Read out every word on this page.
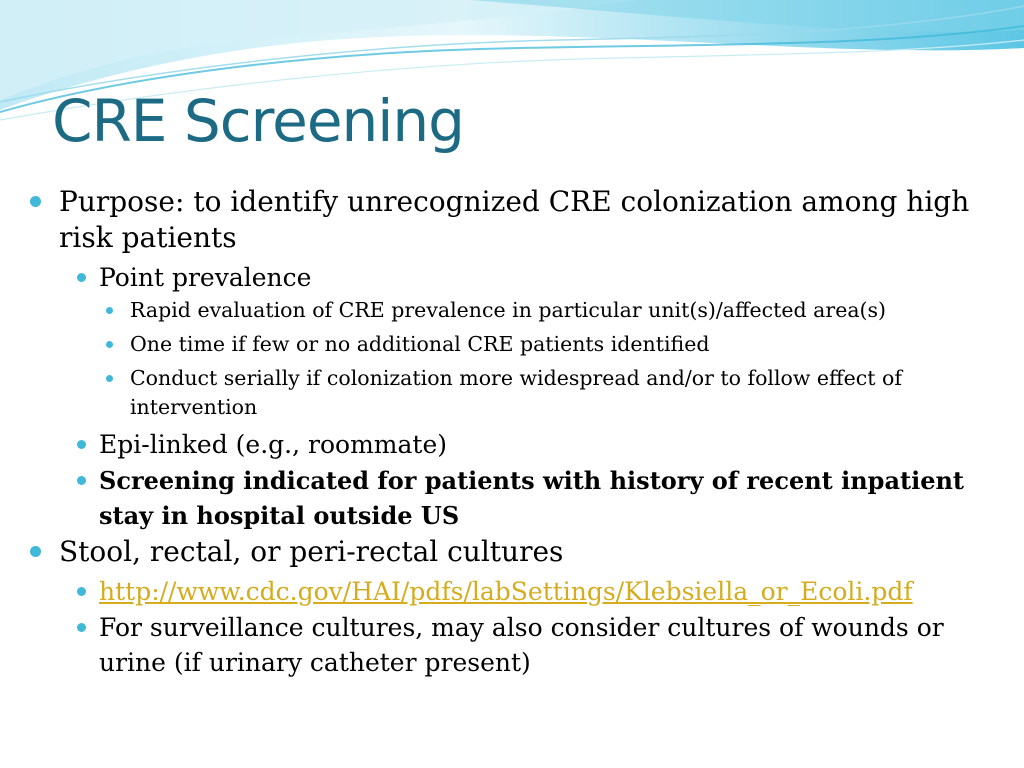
CRE Screening
Purpose: to identify unrecognized CRE colonization among high risk patients
Point prevalence
Rapid evaluation of CRE prevalence in particular unit(s)/affected area(s)
One time if few or no additional CRE patients identified
Conduct serially if colonization more widespread and/or to follow effect of intervention
Epi-linked (e.g., roommate)
Screening indicated for patients with history of recent inpatient stay in hospital outside US
Stool, rectal, or peri-rectal cultures
http://www.cdc.gov/HAI/pdfs/labSettings/Klebsiella_or_Ecoli.pdf
For surveillance cultures, may also consider cultures of wounds or urine (if urinary catheter present)
